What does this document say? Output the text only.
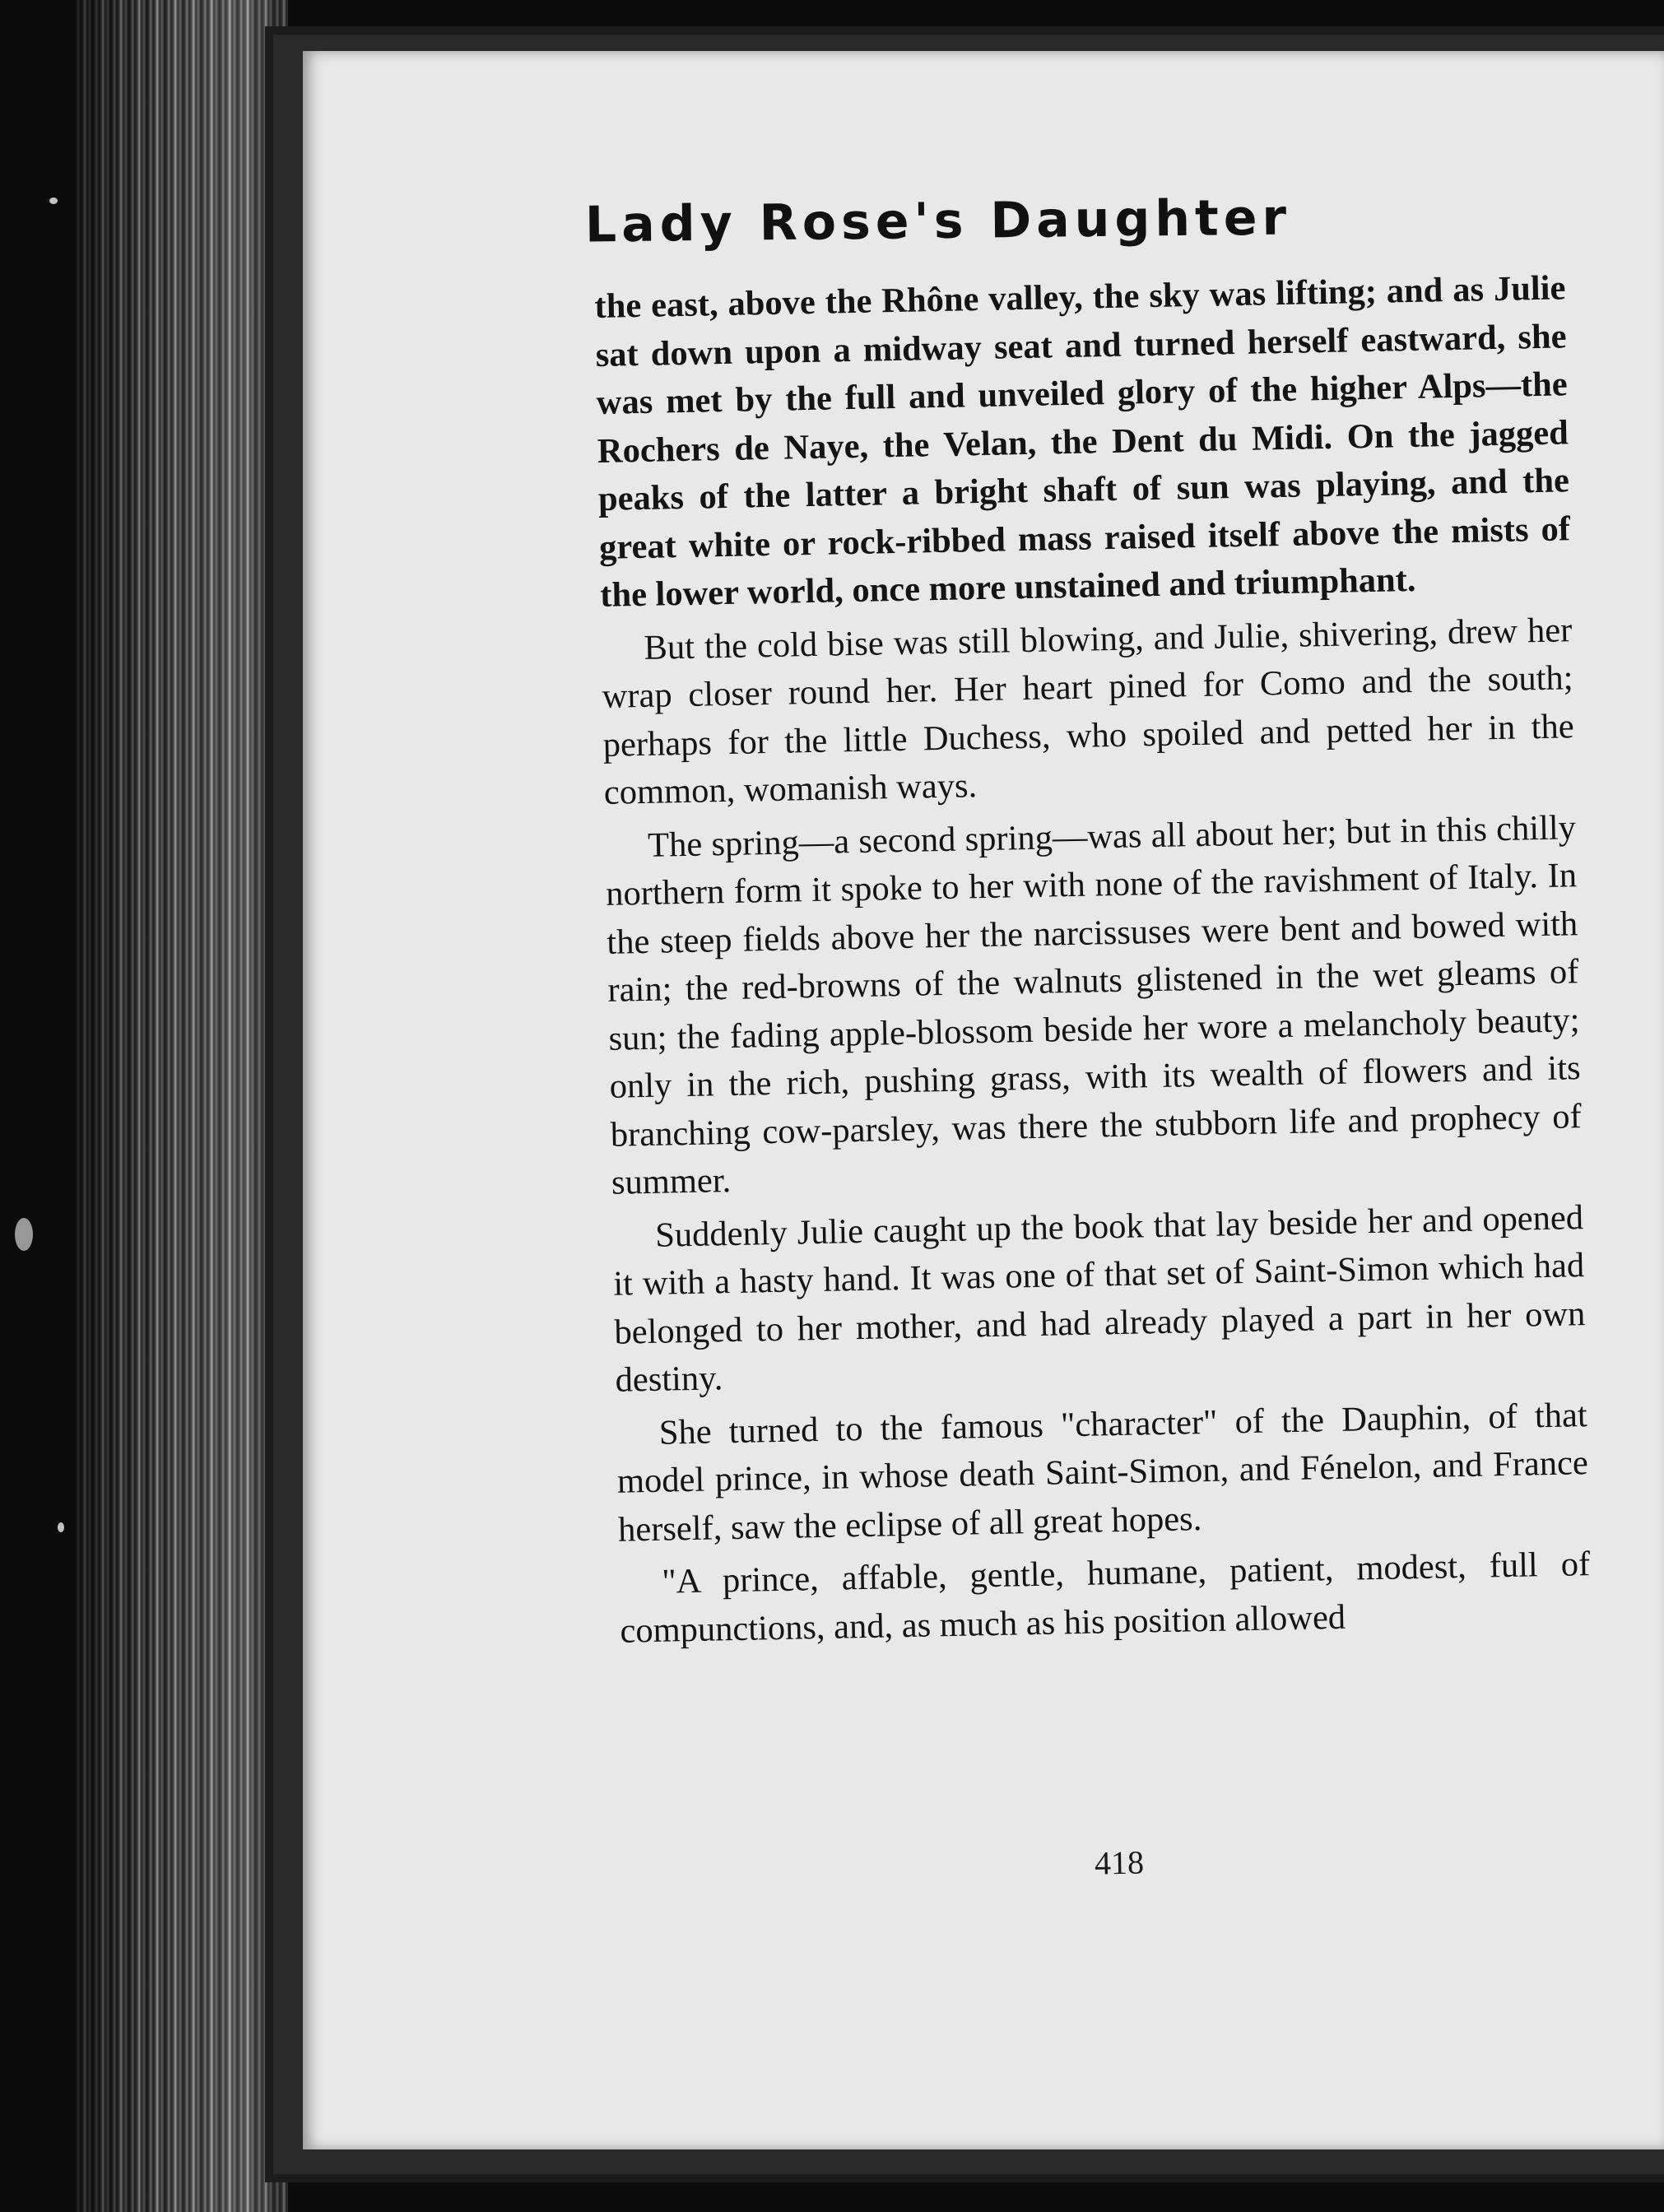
Lady Rose's Daughter

the east, above the Rhône valley, the sky was lifting; and as Julie sat down upon a midway seat and turned herself eastward, she was met by the full and unveiled glory of the higher Alps—the Rochers de Naye, the Velan, the Dent du Midi. On the jagged peaks of the latter a bright shaft of sun was playing, and the great white or rock-ribbed mass raised itself above the mists of the lower world, once more unstained and triumphant.

But the cold bise was still blowing, and Julie, shivering, drew her wrap closer round her. Her heart pined for Como and the south; perhaps for the little Duchess, who spoiled and petted her in the common, womanish ways.

The spring—a second spring—was all about her; but in this chilly northern form it spoke to her with none of the ravishment of Italy. In the steep fields above her the narcissuses were bent and bowed with rain; the red-browns of the walnuts glistened in the wet gleams of sun; the fading apple-blossom beside her wore a melancholy beauty; only in the rich, pushing grass, with its wealth of flowers and its branching cow-parsley, was there the stubborn life and prophecy of summer.

Suddenly Julie caught up the book that lay beside her and opened it with a hasty hand. It was one of that set of Saint-Simon which had belonged to her mother, and had already played a part in her own destiny.

She turned to the famous "character" of the Dauphin, of that model prince, in whose death Saint-Simon, and Fénelon, and France herself, saw the eclipse of all great hopes.

"A prince, affable, gentle, humane, patient, modest, full of compunctions, and, as much as his position allowed

418
